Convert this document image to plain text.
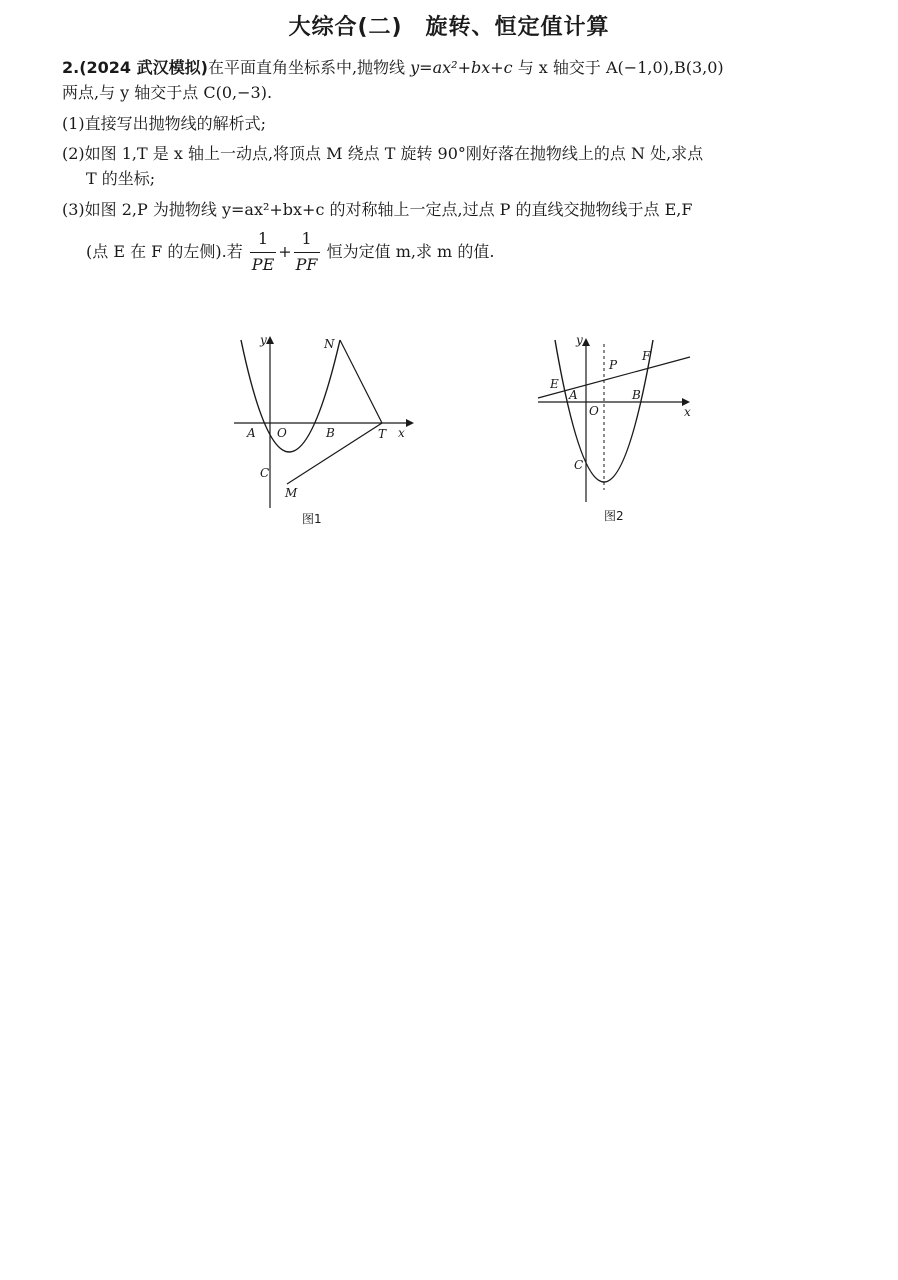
大综合(二)　旋转、恒定值计算
2.(2024 武汉模拟)在平面直角坐标系中,抛物线 y=ax²+bx+c 与 x 轴交于 A(−1,0),B(3,0)
两点,与 y 轴交于点 C(0,−3).
(1)直接写出抛物线的解析式;
(2)如图 1,T 是 x 轴上一动点,将顶点 M 绕点 T 旋转 90°刚好落在抛物线上的点 N 处,求点
T 的坐标;
(3)如图 2,P 为抛物线 y=ax²+bx+c 的对称轴上一定点,过点 P 的直线交抛物线于点 E,F
(点 E 在 F 的左侧).若 $\frac{1}{PE} + \frac{1}{PF}$ 恒为定值 m,求 m 的值.
y
x
A O	B	T
C
M
N
图1
y
x
A
O
B
C
E
F
P
图2
